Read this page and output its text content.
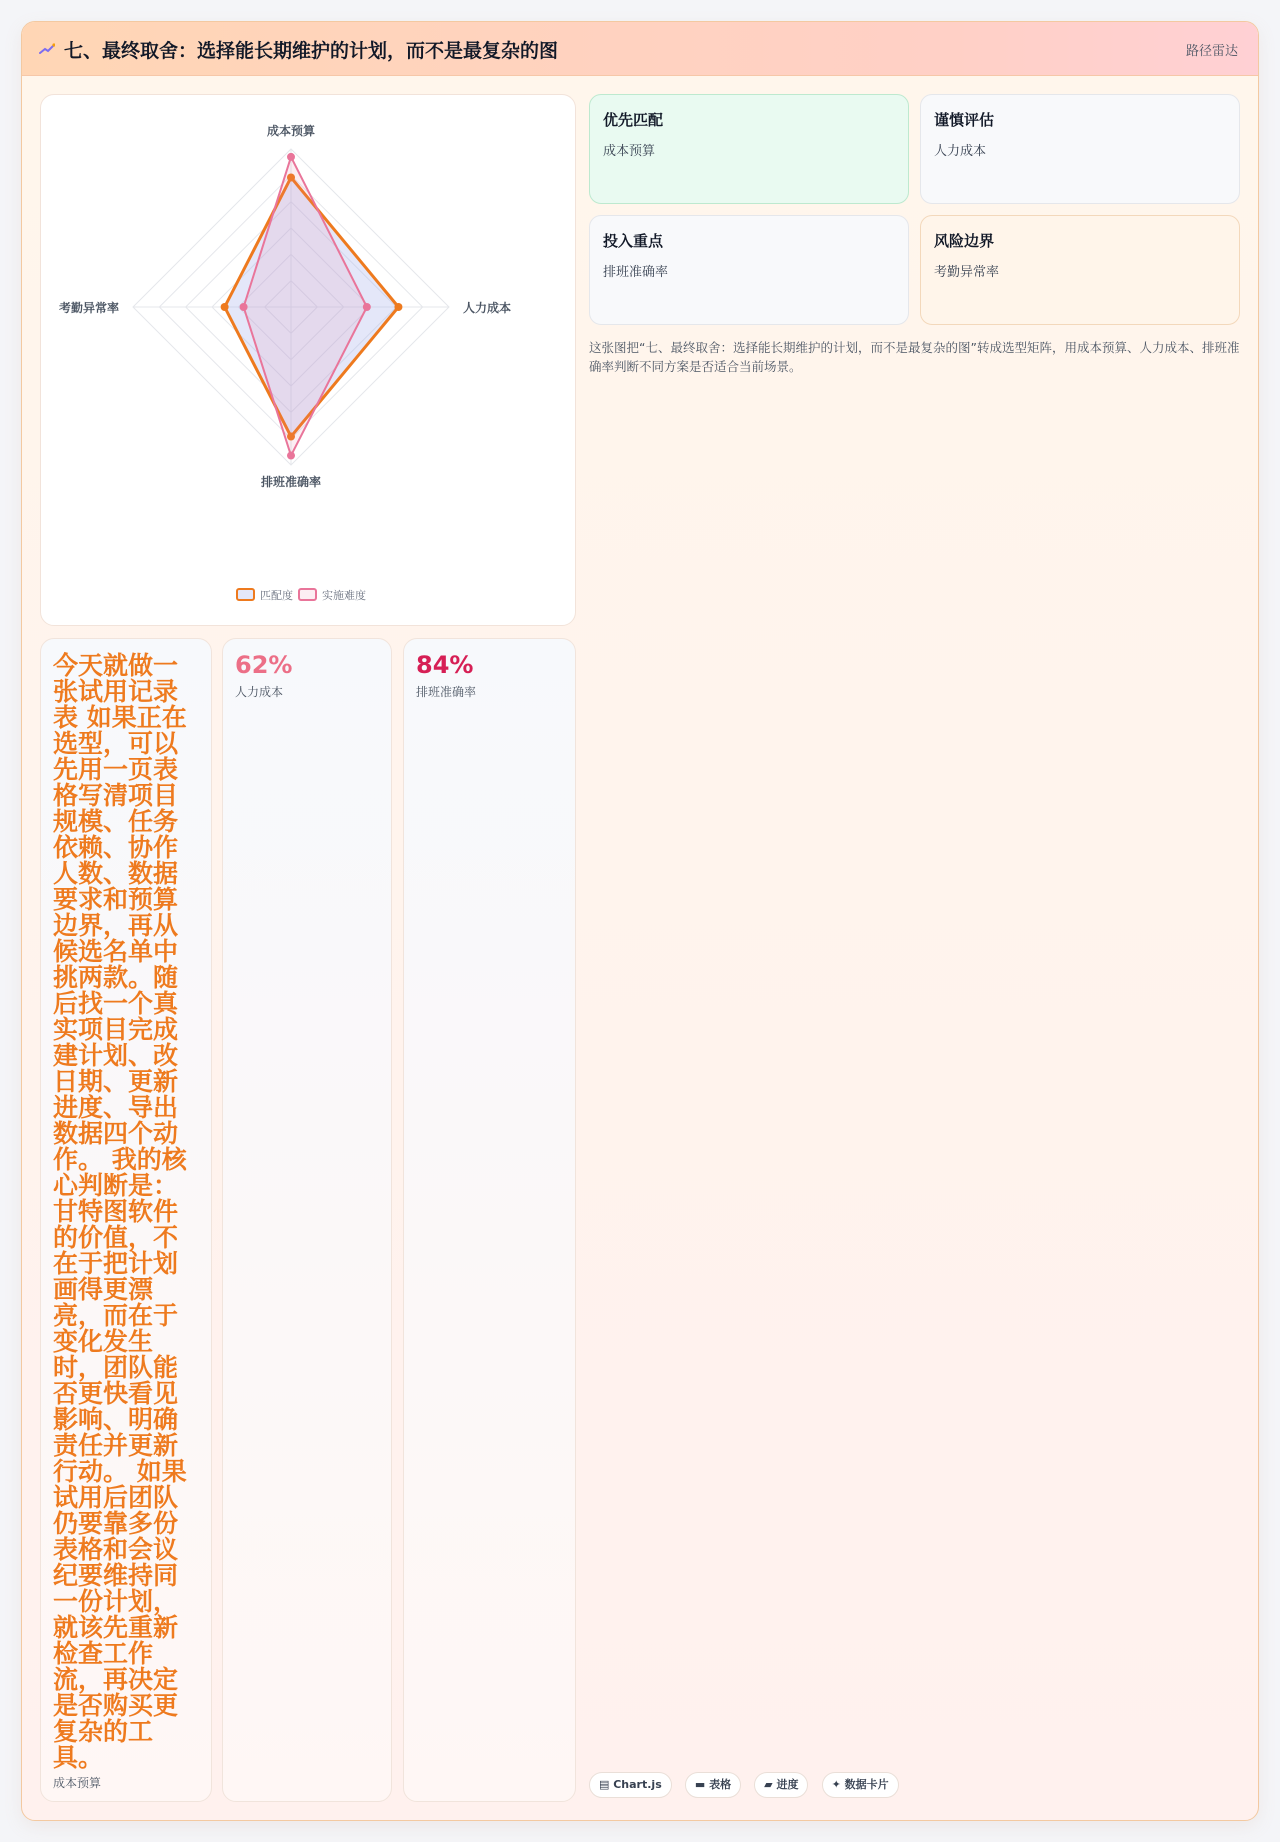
七、最终取舍：选择能长期维护的计划，而不是最复杂的图	路径雷达
成本预算
人力成本
排班准确率
考勤异常率
匹配度	实施难度
优先匹配
成本预算
谨慎评估
人力成本
投入重点
排班准确率
风险边界
考勤异常率
这张图把“七、最终取舍：选择能长期维护的计划，而不是最复杂的图”转成选型矩阵，用成本预算、人力成本、排班准确率判断不同方案是否适合当前场景。
今天就做一张试用记录表 如果正在选型，可以先用一页表格写清项目规模、任务依赖、协作人数、数据要求和预算边界，再从候选名单中挑两款。随后找一个真实项目完成建计划、改日期、更新进度、导出数据四个动作。 我的核心判断是：甘特图软件的价值，不在于把计划画得更漂亮，而在于变化发生时，团队能否更快看见影响、明确责任并更新行动。 如果试用后团队仍要靠多份表格和会议纪要维持同一份计划，就该先重新检查工作流，再决定是否购买更复杂的工具。
成本预算
62%
人力成本
84%
排班准确率
▤ Chart.js	▬ 表格	▰ 进度	✦ 数据卡片
